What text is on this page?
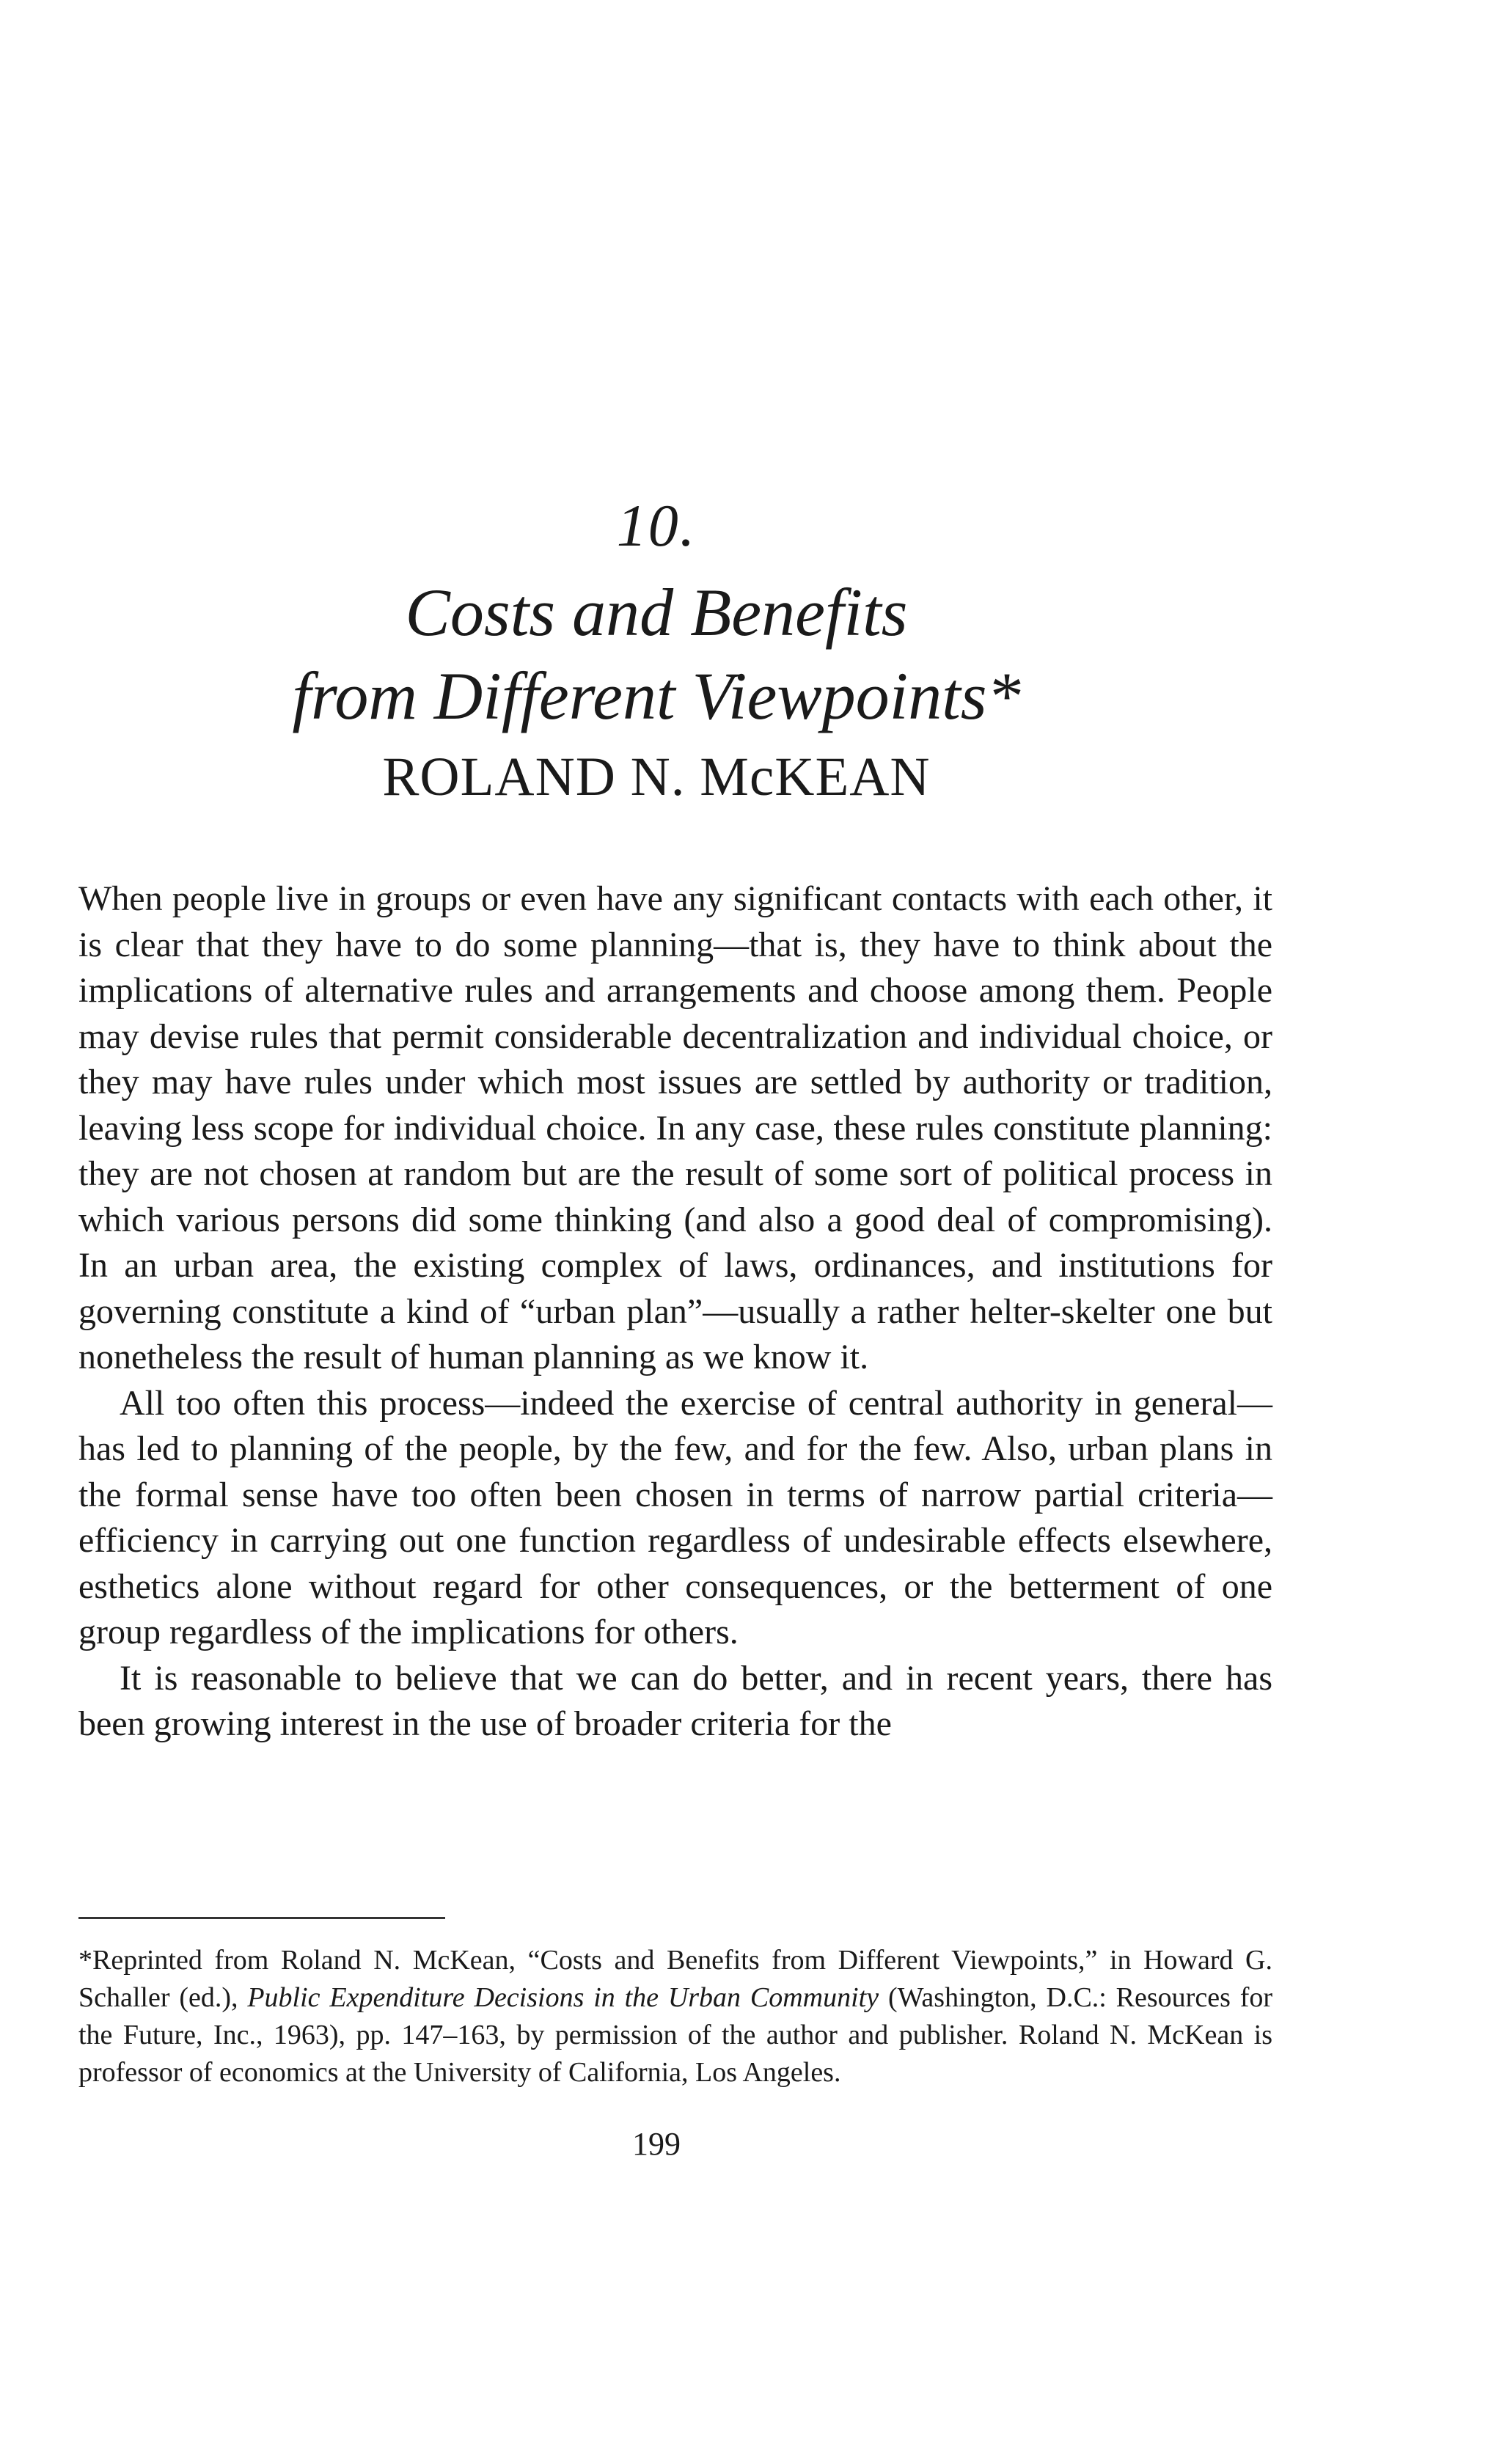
10.
Costs and Benefits
from Different Viewpoints*
ROLAND N. McKEAN

When people live in groups or even have any significant contacts with each other, it is clear that they have to do some planning—that is, they have to think about the implications of alternative rules and arrangements and choose among them. People may devise rules that permit considerable decentralization and individual choice, or they may have rules under which most issues are settled by authority or tradition, leaving less scope for individual choice. In any case, these rules constitute planning: they are not chosen at random but are the result of some sort of political process in which various persons did some thinking (and also a good deal of compromising). In an urban area, the existing complex of laws, ordinances, and institutions for governing constitute a kind of “urban plan”—usually a rather helter-skelter one but nonetheless the result of human planning as we know it.

All too often this process—indeed the exercise of central authority in general—has led to planning of the people, by the few, and for the few. Also, urban plans in the formal sense have too often been chosen in terms of narrow partial criteria—efficiency in carrying out one function regardless of undesirable effects elsewhere, esthetics alone without regard for other consequences, or the betterment of one group regardless of the implications for others.

It is reasonable to believe that we can do better, and in recent years, there has been growing interest in the use of broader criteria for the

*Reprinted from Roland N. McKean, “Costs and Benefits from Different Viewpoints,” in Howard G. Schaller (ed.), Public Expenditure Decisions in the Urban Community (Washington, D.C.: Resources for the Future, Inc., 1963), pp. 147–163, by permission of the author and publisher. Roland N. McKean is professor of economics at the University of California, Los Angeles.
199
